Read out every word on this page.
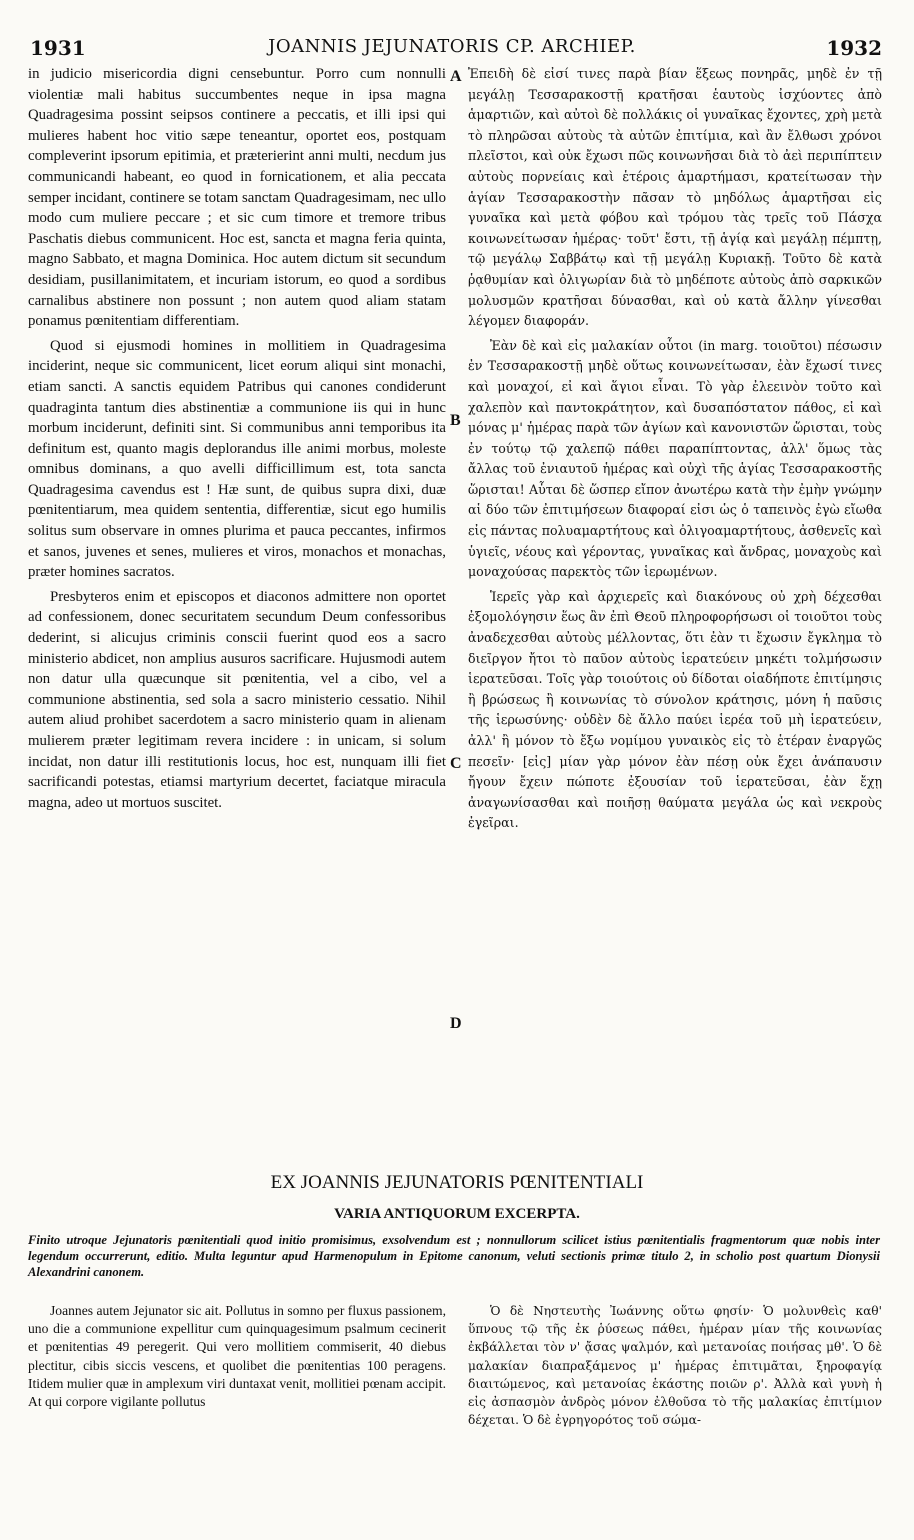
1931	JOANNIS JEJUNATORIS CP. ARCHIEP.	1932

in judicio misericordia digni censebuntur. Porro cum nonnulli violentiæ mali habitus succumbentes neque in ipsa magna Quadragesima possint seipsos continere a peccatis, et illi ipsi qui mulieres habent hoc vitio sæpe teneantur, oportet eos, postquam compleverint ipsorum epitimia, et præterierint anni multi, necdum jus communicandi habeant, eo quod in fornicationem, et alia peccata semper incidant, continere se totam sanctam Quadragesimam, nec ullo modo cum muliere peccare ; et sic cum timore et tremore tribus Paschatis diebus communicent. Hoc est, sancta et magna feria quinta, magno Sabbato, et magna Dominica. Hoc autem dictum sit secundum desidiam, pusillanimitatem, et incuriam istorum, eo quod a sordibus carnalibus abstinere non possunt ; non autem quod aliam statam ponamus pœnitentiam differentiam.

Quod si ejusmodi homines in mollitiem in Quadragesima inciderint, neque sic communicent, licet eorum aliqui sint monachi, etiam sancti. A sanctis equidem Patribus qui canones condiderunt quadraginta tantum dies abstinentiæ a communione iis qui in hunc morbum inciderunt, definiti sint. Si communibus anni temporibus ita definitum est, quanto magis deplorandus ille animi morbus, moleste omnibus dominans, a quo avelli difficillimum est, tota sancta Quadragesima cavendus est ! Hæ sunt, de quibus supra dixi, duæ pœnitentiarum, mea quidem sententia, differentiæ, sicut ego humilis solitus sum observare in omnes plurima et pauca peccantes, infirmos et sanos, juvenes et senes, mulieres et viros, monachos et monachas, præter homines sacratos.

Presbyteros enim et episcopos et diaconos admittere non oportet ad confessionem, donec securitatem secundum Deum confessoribus dederint, si alicujus criminis conscii fuerint quod eos a sacro ministerio abdicet, non amplius ausuros sacrificare. Hujusmodi autem non datur ulla quæcunque sit pœnitentia, vel a cibo, vel a communione abstinentia, sed sola a sacro ministerio cessatio. Nihil autem aliud prohibet sacerdotem a sacro ministerio quam in alienam mulierem præter legitimam revera incidere : in unicam, si solum incidat, non datur illi restitutionis locus, hoc est, nunquam illi fiet sacrificandi potestas, etiamsi martyrium decertet, faciatque miracula magna, adeo ut mortuos suscitet.

Ἐπειδὴ δὲ εἰσί τινες παρὰ βίαν ἕξεως πονηρᾶς, μηδὲ ἐν τῇ μεγάλῃ Τεσσαρακοστῇ κρατῆσαι ἑαυτοὺς ἰσχύοντες ἀπὸ ἁμαρτιῶν, καὶ αὐτοὶ δὲ πολλάκις οἱ γυναῖκας ἔχοντες, χρὴ μετὰ τὸ πληρῶσαι αὐτοὺς τὰ αὐτῶν ἐπιτίμια, καὶ ἂν ἔλθωσι χρόνοι πλεῖστοι, καὶ οὐκ ἔχωσι πῶς κοινωνῆσαι διὰ τὸ ἀεὶ περιπίπτειν αὐτοὺς πορνείαις καὶ ἑτέροις ἁμαρτήμασι, κρατείτωσαν τὴν ἁγίαν Τεσσαρακοστὴν πᾶσαν τὸ μηδόλως ἁμαρτῆσαι εἰς γυναῖκα καὶ μετὰ φόβου καὶ τρόμου τὰς τρεῖς τοῦ Πάσχα κοινωνείτωσαν ἡμέρας· τοῦτ' ἔστι, τῇ ἁγίᾳ καὶ μεγάλῃ πέμπτῃ, τῷ μεγάλῳ Σαββάτῳ καὶ τῇ μεγάλῃ Κυριακῇ. Τοῦτο δὲ κατὰ ῥᾳθυμίαν καὶ ὀλιγωρίαν διὰ τὸ μηδέποτε αὐτοὺς ἀπὸ σαρκικῶν μολυσμῶν κρατῆσαι δύνασθαι, καὶ οὐ κατὰ ἄλλην γίνεσθαι λέγομεν διαφοράν.

Ἐὰν δὲ καὶ εἰς μαλακίαν οὗτοι (in marg. τοιοῦτοι) πέσωσιν ἐν Τεσσαρακοστῇ μηδὲ οὕτως κοινωνείτωσαν, ἐὰν ἔχωσί τινες καὶ μοναχοί, εἰ καὶ ἅγιοι εἶναι. Τὸ γὰρ ἐλεεινὸν τοῦτο καὶ χαλεπὸν καὶ παντοκράτητον, καὶ δυσαπόστατον πάθος, εἰ καὶ μόνας μ' ἡμέρας παρὰ τῶν ἁγίων καὶ κανονιστῶν ὥρισται, τοὺς ἐν τούτῳ τῷ χαλεπῷ πάθει παραπίπτοντας, ἀλλ' ὅμως τὰς ἄλλας τοῦ ἐνιαυτοῦ ἡμέρας καὶ οὐχὶ τῆς ἁγίας Τεσσαρακοστῆς ὥρισται! Αὗται δὲ ὥσπερ εἴπον ἀνωτέρω κατὰ τὴν ἐμὴν γνώμην αἱ δύο τῶν ἐπιτιμήσεων διαφοραί εἰσι ὡς ὁ ταπεινὸς ἐγὼ εἴωθα εἰς πάντας πολυαμαρτήτους καὶ ὀλιγοαμαρτήτους, ἀσθενεῖς καὶ ὑγιεῖς, νέους καὶ γέροντας, γυναῖκας καὶ ἄνδρας, μοναχοὺς καὶ μοναχούσας παρεκτὸς τῶν ἱερωμένων.

Ἱερεῖς γὰρ καὶ ἀρχιερεῖς καὶ διακόνους οὐ χρὴ δέχεσθαι ἐξομολόγησιν ἕως ἂν ἐπὶ Θεοῦ πληροφορήσωσι οἱ τοιοῦτοι τοὺς ἀναδεχεσθαι αὐτοὺς μέλλοντας, ὅτι ἐὰν τι ἔχωσιν ἔγκλημα τὸ διεῖργον ἤτοι τὸ παῦον αὐτοὺς ἱερατεύειν μηκέτι τολμήσωσιν ἱερατεῦσαι. Τοῖς γὰρ τοιούτοις οὐ δίδοται οἱαδήποτε ἐπιτίμησις ἢ βρώσεως ἢ κοινωνίας τὸ σύνολον κράτησις, μόνη ἡ παῦσις τῆς ἱερωσύνης· οὐδὲν δὲ ἄλλο παύει ἱερέα τοῦ μὴ ἱερατεύειν, ἀλλ' ἢ μόνον τὸ ἔξω νομίμου γυναικὸς εἰς τὸ ἑτέραν ἐναργῶς πεσεῖν· [εἰς] μίαν γὰρ μόνον ἐὰν πέσῃ οὐκ ἔχει ἀνάπαυσιν ἤγουν ἔχειν πώποτε ἐξουσίαν τοῦ ἱερατεῦσαι, ἐὰν ἔχῃ ἀναγωνίσασθαι καὶ ποιῆσῃ θαύματα μεγάλα ὡς καὶ νεκροὺς ἐγεῖραι.

A
B
C
D
EX JOANNIS JEJUNATORIS PŒNITENTIALI
VARIA ANTIQUORUM EXCERPTA.
Finito utroque Jejunatoris pœnitentiali quod initio promisimus, exsolvendum est ; nonnullorum scilicet istius pœnitentialis fragmentorum quæ nobis inter legendum occurrerunt, editio. Multa leguntur apud Harmenopulum in Epitome canonum, veluti sectionis primæ titulo 2, in scholio post quartum Dionysii Alexandrini canonem.

Joannes autem Jejunator sic ait. Pollutus in somno per fluxus passionem, uno die a communione expellitur cum quinquagesimum psalmum cecinerit et pœnitentias 49 peregerit. Qui vero mollitiem commiserit, 40 diebus plectitur, cibis siccis vescens, et quolibet die pœnitentias 100 peragens. Itidem mulier quæ in amplexum viri duntaxat venit, mollitiei pœnam accipit. At qui corpore vigilante pollutus

Ὁ δὲ Νηστευτὴς Ἰωάννης οὕτω φησίν· Ὁ μολυνθεὶς καθ' ὕπνους τῷ τῆς ἐκ ῥύσεως πάθει, ἡμέραν μίαν τῆς κοινωνίας ἐκβάλλεται τὸν ν' ᾄσας ψαλμόν, καὶ μετανοίας ποιήσας μθ'. Ὁ δὲ μαλακίαν διαπραξάμενος μ' ἡμέρας ἐπιτιμᾶται, ξηροφαγίᾳ διαιτώμενος, καὶ μετανοίας ἑκάστης ποιῶν ρ'. Ἀλλὰ καὶ γυνὴ ἡ εἰς ἀσπασμὸν ἀνδρὸς μόνον ἐλθοῦσα τὸ τῆς μαλακίας ἐπιτίμιον δέχεται. Ὁ δὲ ἐγρηγορότος τοῦ σώμα-
